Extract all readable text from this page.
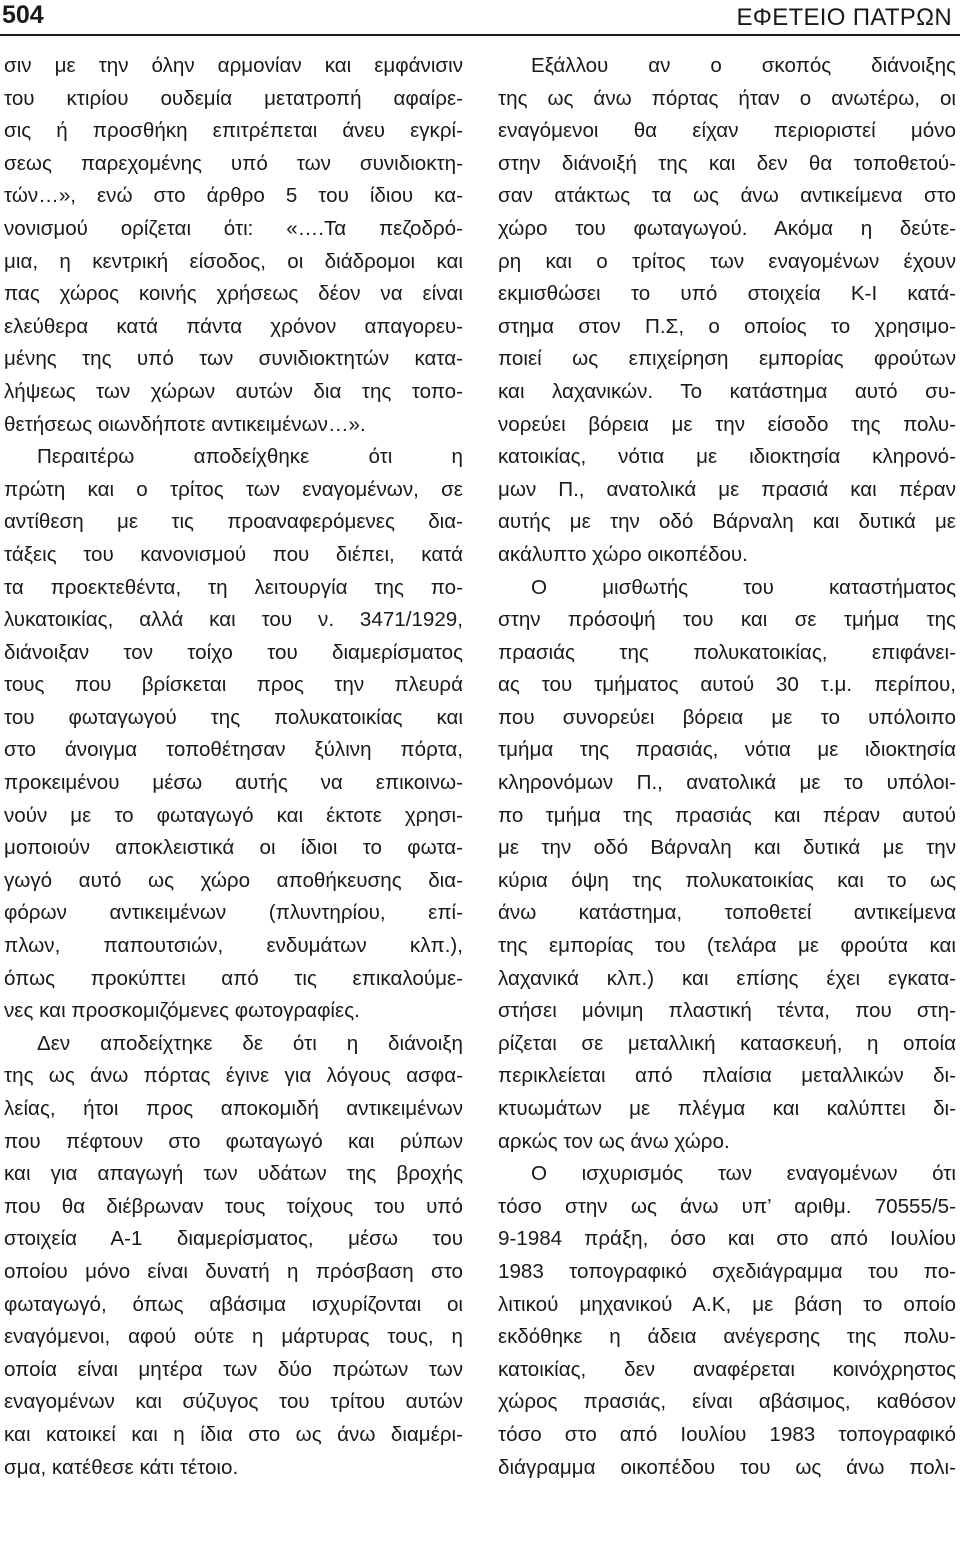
504	ΕΦΕΤΕΙΟ ΠΑΤΡΩΝ

σιν με την όλην αρμονίαν και εμφάνισιν

του κτιρίου ουδεμία μετατροπή αφαίρε-

σις ή προσθήκη επιτρέπεται άνευ εγκρί-

σεως παρεχομένης υπό των συνιδιοκτη-

τών…», ενώ στο άρθρο 5 του ίδιου κα-

νονισμού ορίζεται ότι: «….Τα πεζοδρό-

μια, η κεντρική είσοδος, οι διάδρομοι και

πας χώρος κοινής χρήσεως δέον να είναι

ελεύθερα κατά πάντα χρόνον απαγορευ-

μένης της υπό των συνιδιοκτητών κατα-

λήψεως των χώρων αυτών δια της τοπο-

θετήσεως οιωνδήποτε αντικειμένων…».

Περαιτέρω αποδείχθηκε ότι η

πρώτη και ο τρίτος των εναγομένων, σε

αντίθεση με τις προαναφερόμενες δια-

τάξεις του κανονισμού που διέπει, κατά

τα προεκτεθέντα, τη λειτουργία της πο-

λυκατοικίας, αλλά και του ν. 3471/1929,

διάνοιξαν τον τοίχο του διαμερίσματος

τους που βρίσκεται προς την πλευρά

του φωταγωγού της πολυκατοικίας και

στο άνοιγμα τοποθέτησαν ξύλινη πόρτα,

προκειμένου μέσω αυτής να επικοινω-

νούν με το φωταγωγό και έκτοτε χρησι-

μοποιούν αποκλειστικά οι ίδιοι το φωτα-

γωγό αυτό ως χώρο αποθήκευσης δια-

φόρων αντικειμένων (πλυντηρίου, επί-

πλων, παπουτσιών, ενδυμάτων κλπ.),

όπως προκύπτει από τις επικαλούμε-

νες και προσκομιζόμενες φωτογραφίες.

Δεν αποδείχτηκε δε ότι η διάνοιξη

της ως άνω πόρτας έγινε για λόγους ασφα-

λείας, ήτοι προς αποκομιδή αντικειμένων

που πέφτουν στο φωταγωγό και ρύπων

και για απαγωγή των υδάτων της βροχής

που θα διέβρωναν τους τοίχους του υπό

στοιχεία Α-1 διαμερίσματος, μέσω του

οποίου μόνο είναι δυνατή η πρόσβαση στο

φωταγωγό, όπως αβάσιμα ισχυρίζονται οι

εναγόμενοι, αφού ούτε η μάρτυρας τους, η

οποία είναι μητέρα των δύο πρώτων των

εναγομένων και σύζυγος του τρίτου αυτών

και κατοικεί και η ίδια στο ως άνω διαμέρι-

σμα, κατέθεσε κάτι τέτοιο.

Εξάλλου αν ο σκοπός διάνοιξης

της ως άνω πόρτας ήταν ο ανωτέρω, οι

εναγόμενοι θα είχαν περιοριστεί μόνο

στην διάνοιξή της και δεν θα τοποθετού-

σαν ατάκτως τα ως άνω αντικείμενα στο

χώρο του φωταγωγού. Ακόμα η δεύτε-

ρη και ο τρίτος των εναγομένων έχουν

εκμισθώσει το υπό στοιχεία Κ-Ι κατά-

στημα στον Π.Σ, ο οποίος το χρησιμο-

ποιεί ως επιχείρηση εμπορίας φρούτων

και λαχανικών. Το κατάστημα αυτό συ-

νορεύει βόρεια με την είσοδο της πολυ-

κατοικίας, νότια με ιδιοκτησία κληρονό-

μων Π., ανατολικά με πρασιά και πέραν

αυτής με την οδό Βάρναλη και δυτικά με

ακάλυπτο χώρο οικοπέδου.

Ο μισθωτής του καταστήματος

στην πρόσοψή του και σε τμήμα της

πρασιάς της πολυκατοικίας, επιφάνει-

ας του τμήματος αυτού 30 τ.μ. περίπου,

που συνορεύει βόρεια με το υπόλοιπο

τμήμα της πρασιάς, νότια με ιδιοκτησία

κληρονόμων Π., ανατολικά με το υπόλοι-

πο τμήμα της πρασιάς και πέραν αυτού

με την οδό Βάρναλη και δυτικά με την

κύρια όψη της πολυκατοικίας και το ως

άνω κατάστημα, τοποθετεί αντικείμενα

της εμπορίας του (τελάρα με φρούτα και

λαχανικά κλπ.) και επίσης έχει εγκατα-

στήσει μόνιμη πλαστική τέντα, που στη-

ρίζεται σε μεταλλική κατασκευή, η οποία

περικλείεται από πλαίσια μεταλλικών δι-

κτυωμάτων με πλέγμα και καλύπτει δι-

αρκώς τον ως άνω χώρο.

Ο ισχυρισμός των εναγομένων ότι

τόσο στην ως άνω υπ’ αριθμ. 70555/5-

9-1984 πράξη, όσο και στο από Ιουλίου

1983 τοπογραφικό σχεδιάγραμμα του πο-

λιτικού μηχανικού Α.Κ, με βάση το οποίο

εκδόθηκε η άδεια ανέγερσης της πολυ-

κατοικίας, δεν αναφέρεται κοινόχρηστος

χώρος πρασιάς, είναι αβάσιμος, καθόσον

τόσο στο από Ιουλίου 1983 τοπογραφικό

διάγραμμα οικοπέδου του ως άνω πολι-
